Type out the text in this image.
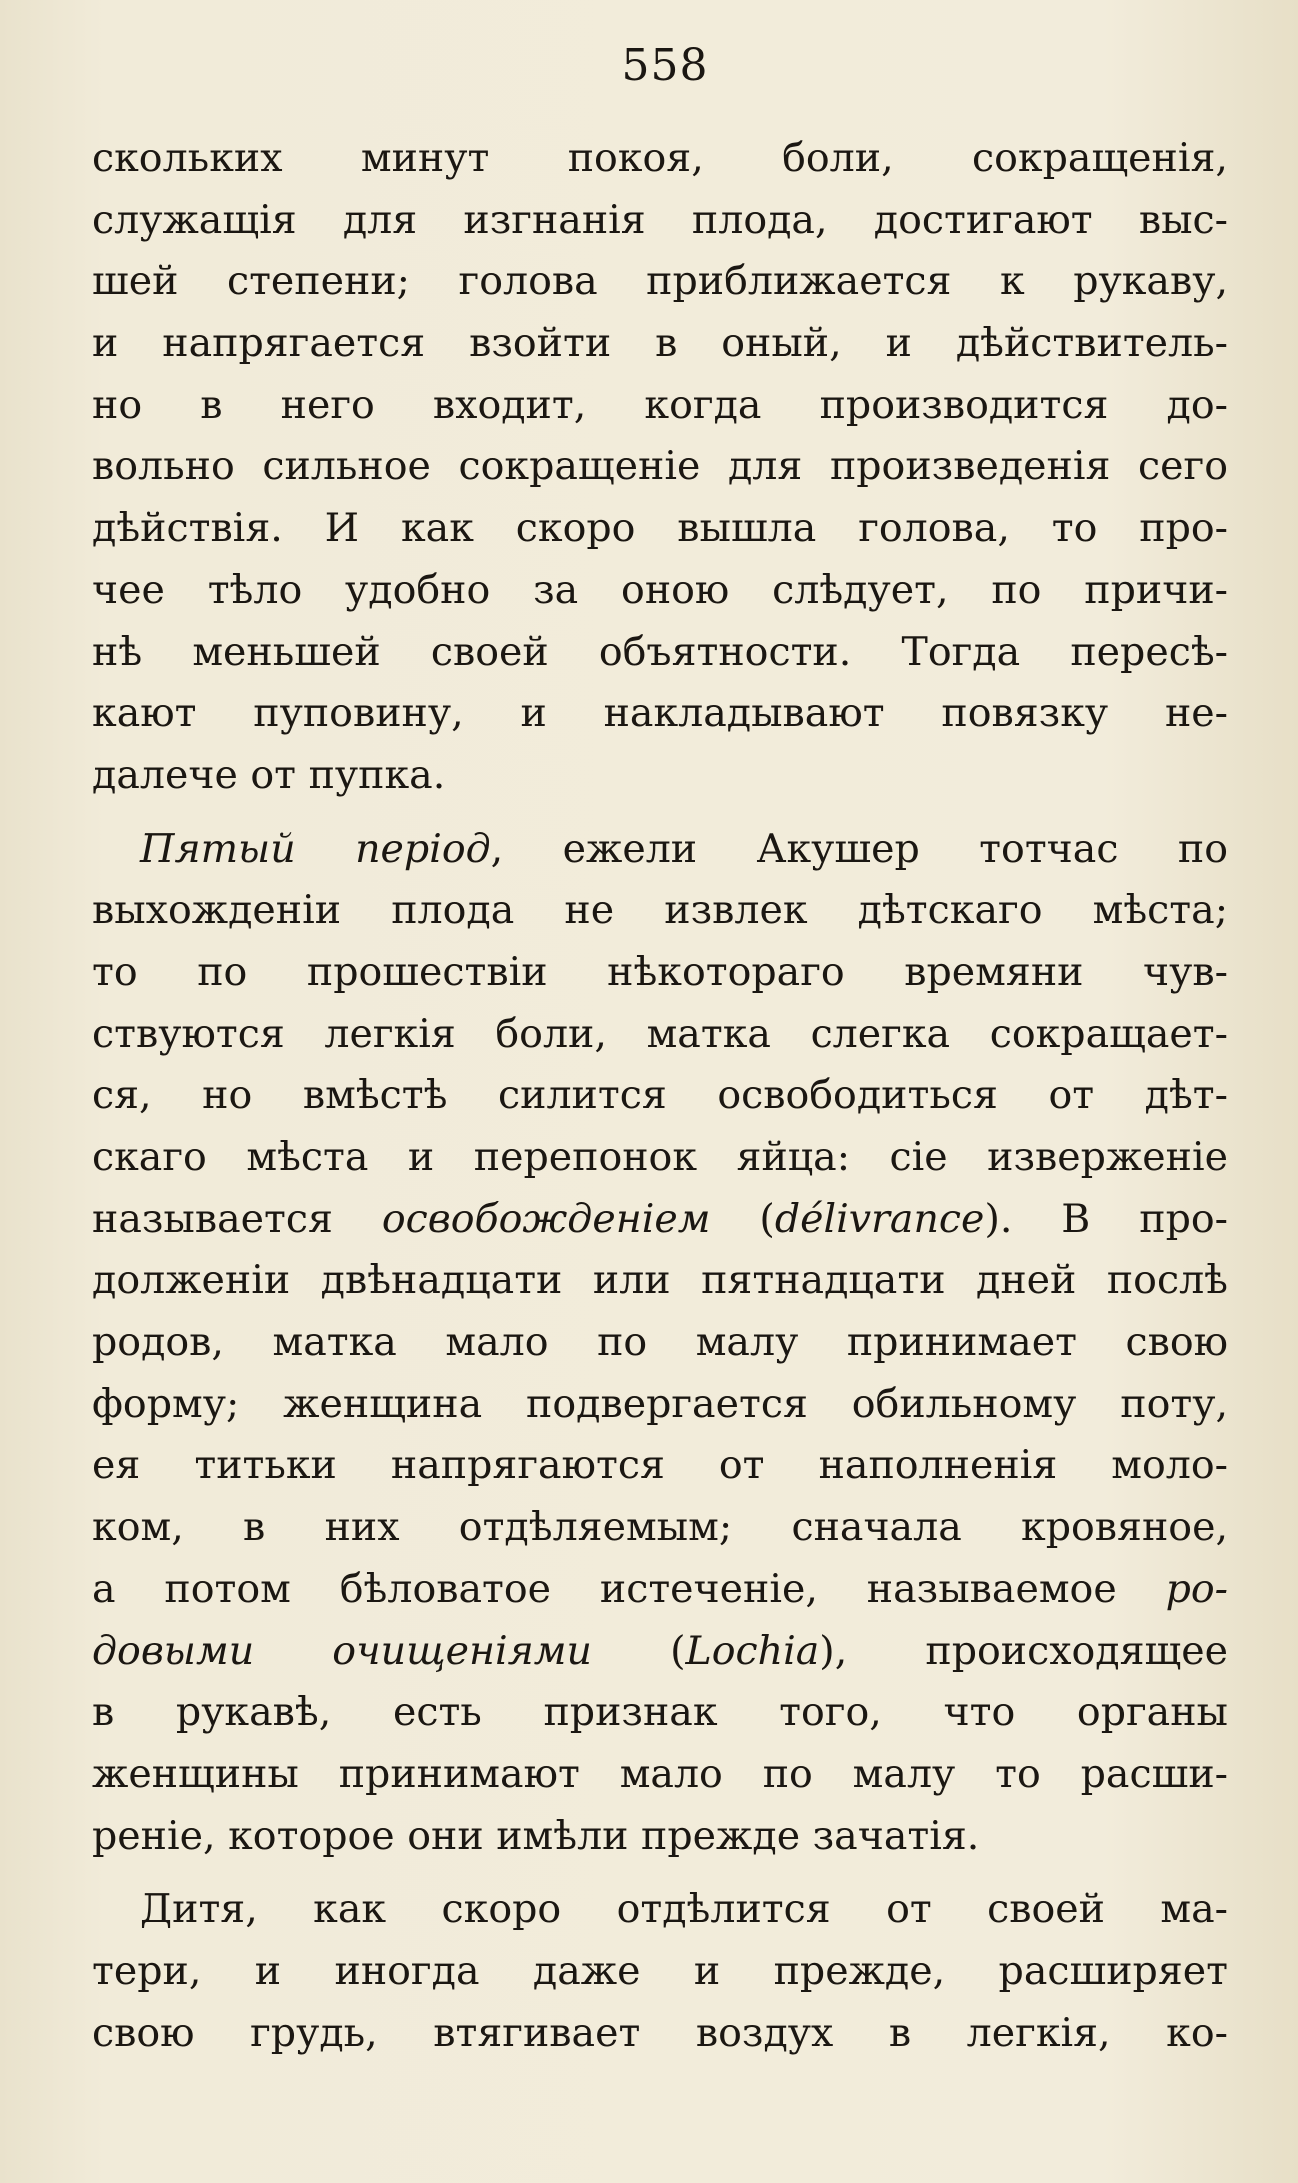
558
скольких минут покоя, боли, сокращенія,
служащія для изгнанія плода, достигают выс-
шей степени; голова приближается к рукаву,
и напрягается взойти в оный, и дѣйствитель-
но в него входит, когда производится до-
вольно сильное сокращеніе для произведенія сего
дѣйствія. И как скоро вышла голова, то про-
чее тѣло удобно за оною слѣдует, по причи-
нѣ меньшей своей объятности. Тогда пересѣ-
кают пуповину, и накладывают повязку не-
далече от пупка.
Пятый період, ежели Акушер тотчас по
выхожденіи плода не извлек дѣтскаго мѣста;
то по прошествіи нѣкотораго времяни чув-
ствуются легкія боли, матка слегка сокращает-
ся, но вмѣстѣ силится освободиться от дѣт-
скаго мѣста и перепонок яйца: сіе изверженіе
называется освобожденіем (délivrance). В про-
долженіи двѣнадцати или пятнадцати дней послѣ
родов, матка мало по малу принимает свою
форму; женщина подвергается обильному поту,
ея титьки напрягаются от наполненія моло-
ком, в них отдѣляемым; сначала кровяное,
а потом бѣловатое истеченіе, называемое ро-
довыми очищеніями (Lochia), происходящее
в рукавѣ, есть признак того, что органы
женщины принимают мало по малу то расши-
реніе, которое они имѣли прежде зачатія.
Дитя, как скоро отдѣлится от своей ма-
тери, и иногда даже и прежде, расширяет
свою грудь, втягивает воздух в легкія, ко-
